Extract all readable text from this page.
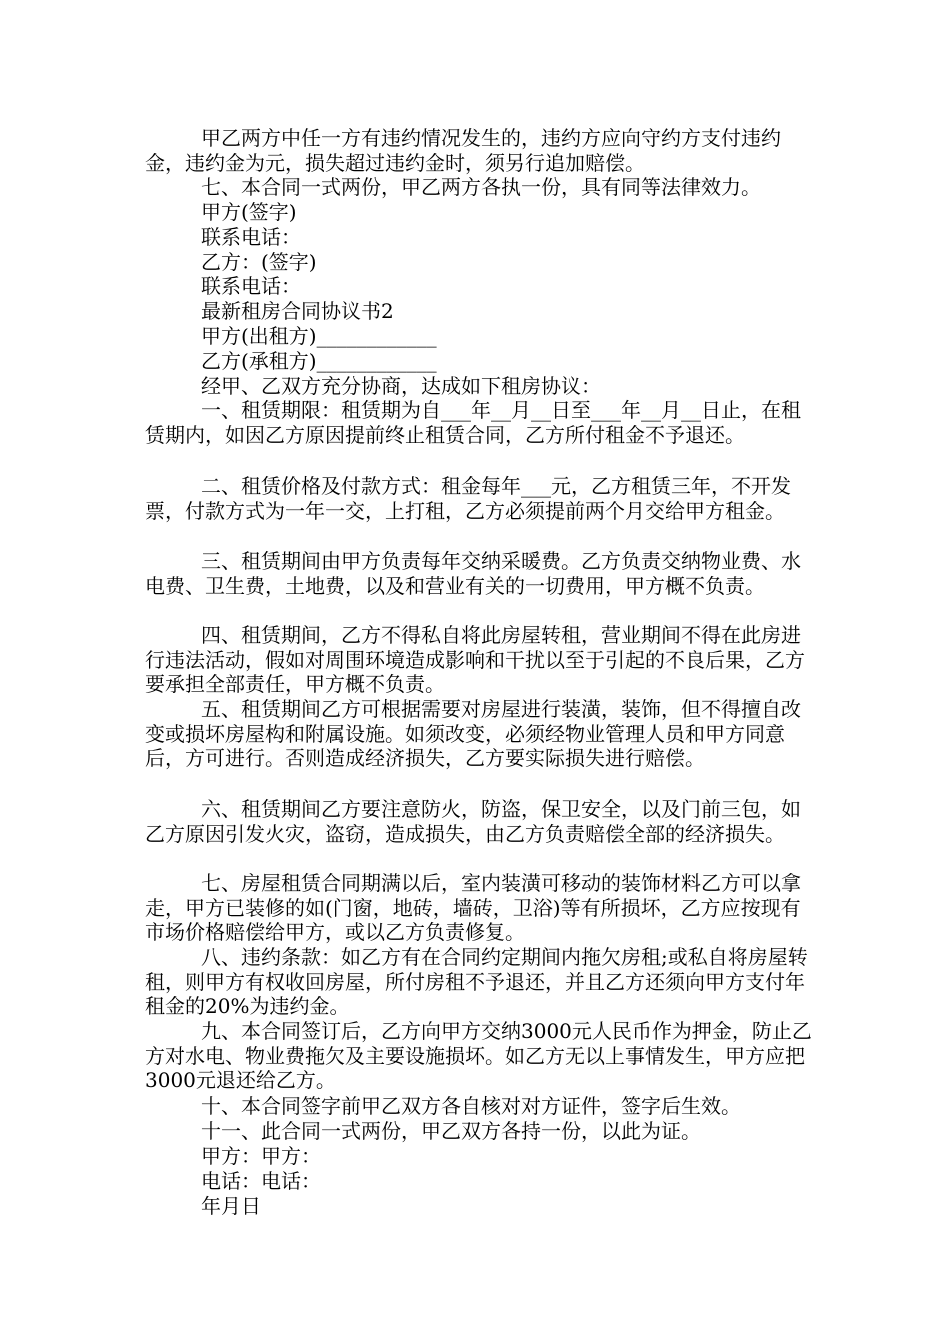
甲乙两方中任一方有违约情况发生的，违约方应向守约方支付违约金，违约金为元，损失超过违约金时，须另行追加赔偿。

七、本合同一式两份，甲乙两方各执一份，具有同等法律效力。

甲方(签字)

联系电话：

乙方：(签字)

联系电话：

最新租房合同协议书2

甲方(出租方)____________

乙方(承租方)____________

经甲、乙双方充分协商，达成如下租房协议：

一、租赁期限：租赁期为自___年__月__日至___年__月__日止，在租赁期内，如因乙方原因提前终止租赁合同，乙方所付租金不予退还。

二、租赁价格及付款方式：租金每年___元，乙方租赁三年，不开发票，付款方式为一年一交，上打租，乙方必须提前两个月交给甲方租金。

三、租赁期间由甲方负责每年交纳采暖费。乙方负责交纳物业费、水电费、卫生费，土地费，以及和营业有关的一切费用，甲方概不负责。

四、租赁期间，乙方不得私自将此房屋转租，营业期间不得在此房进行违法活动，假如对周围环境造成影响和干扰以至于引起的不良后果，乙方要承担全部责任，甲方概不负责。

五、租赁期间乙方可根据需要对房屋进行装潢，装饰，但不得擅自改变或损坏房屋构和附属设施。如须改变，必须经物业管理人员和甲方同意后，方可进行。否则造成经济损失，乙方要实际损失进行赔偿。

六、租赁期间乙方要注意防火，防盗，保卫安全，以及门前三包，如乙方原因引发火灾，盗窃，造成损失，由乙方负责赔偿全部的经济损失。

七、房屋租赁合同期满以后，室内装潢可移动的装饰材料乙方可以拿走，甲方已装修的如(门窗，地砖，墙砖，卫浴)等有所损坏，乙方应按现有市场价格赔偿给甲方，或以乙方负责修复。

八、违约条款：如乙方有在合同约定期间内拖欠房租;或私自将房屋转租，则甲方有权收回房屋，所付房租不予退还，并且乙方还须向甲方支付年租金的20%为违约金。

九、本合同签订后，乙方向甲方交纳3000元人民币作为押金，防止乙方对水电、物业费拖欠及主要设施损坏。如乙方无以上事情发生，甲方应把3000元退还给乙方。

十、本合同签字前甲乙双方各自核对对方证件，签字后生效。

十一、此合同一式两份，甲乙双方各持一份，以此为证。

甲方：甲方：

电话：电话：

年月日
